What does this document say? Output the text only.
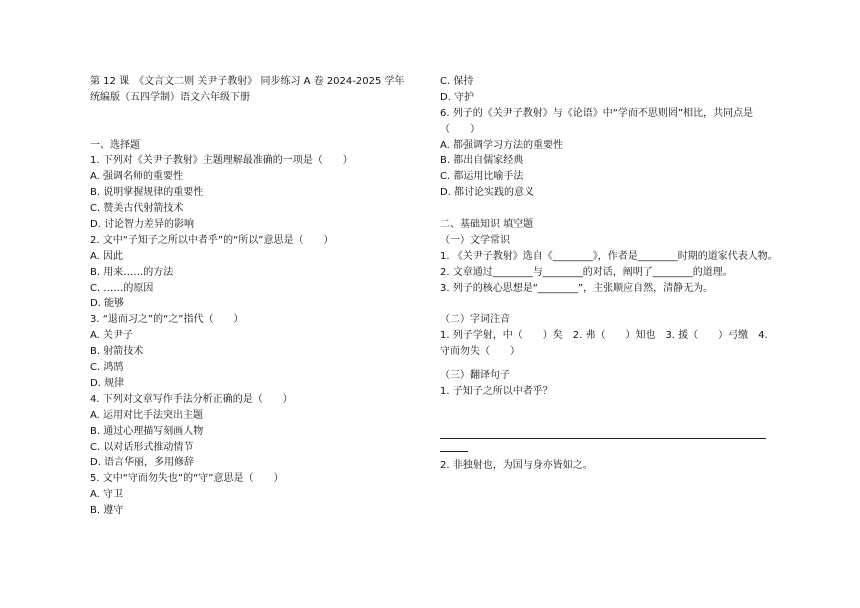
第 12 课　《文言文二则 关尹子教射》 同步练习 A 卷 2024-2025 学年
统编版（五四学制）语文六年级下册
一、选择题
1. 下列对《关尹子教射》主题理解最准确的一项是（　　）
A. 强调名师的重要性
B. 说明掌握规律的重要性
C. 赞美古代射箭技术
D. 讨论智力差异的影响
2. 文中“子知子之所以中者乎”的“所以”意思是（　　）
A. 因此
B. 用来……的方法
C. ……的原因
D. 能够
3. “退而习之”的“之”指代（　　）
A. 关尹子
B. 射箭技术
C. 鸿鹄
D. 规律
4. 下列对文章写作手法分析正确的是（　　）
A. 运用对比手法突出主题
B. 通过心理描写刻画人物
C. 以对话形式推动情节
D. 语言华丽，多用修辞
5. 文中“守而勿失也”的“守”意思是（　　）
A. 守卫
B. 遵守
C. 保持
D. 守护
6. 列子的《关尹子教射》与《论语》中“学而不思则罔”相比，共同点是（　　）
A. 都强调学习方法的重要性
B. 都出自儒家经典
C. 都运用比喻手法
D. 都讨论实践的意义
二、基础知识 填空题
（一）文学常识
1. 《关尹子教射》选自《________》，作者是________时期的道家代表人物。
2. 文章通过________与________的对话，阐明了________的道理。
3. 列子的核心思想是“________”，主张顺应自然，清静无为。
（二）字词注音
1. 列子学射，中（　　）矣　2. 弗（　　）知也　3. 援（　　）弓缴　4. 守而勿失（　　）
（三）翻译句子
1. 子知子之所以中者乎？
2. 非独射也，为国与身亦皆如之。
